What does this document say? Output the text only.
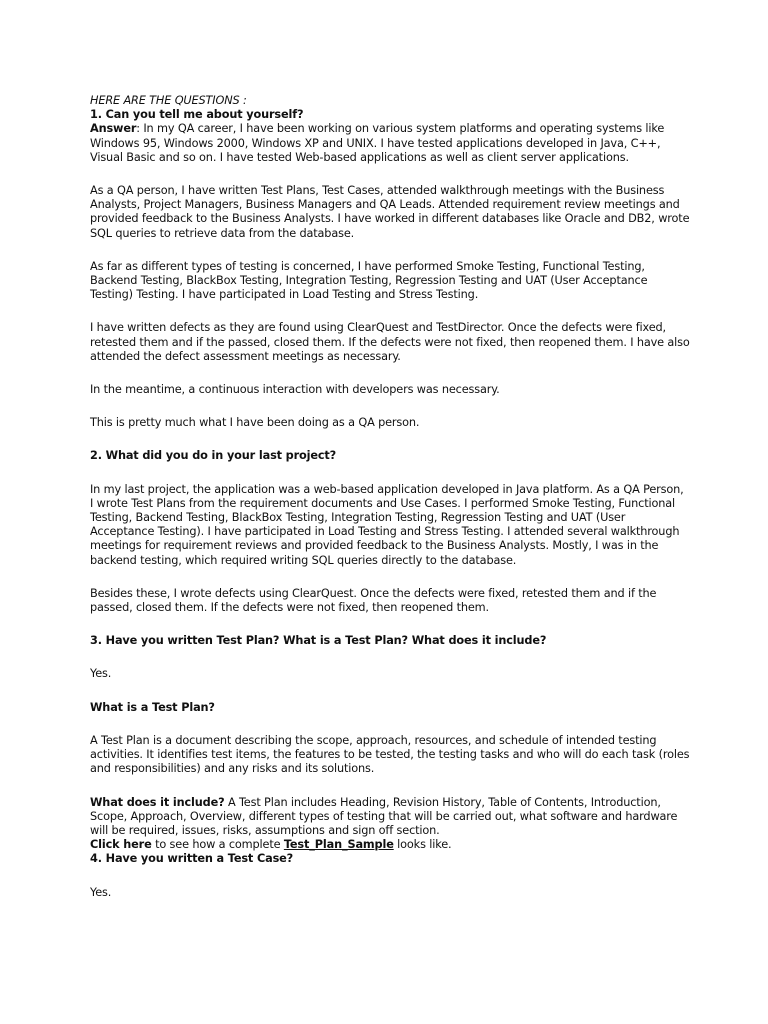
HERE ARE THE QUESTIONS :

1. Can you tell me about yourself?

Answer: In my QA career, I have been working on various system platforms and operating systems like Windows 95, Windows 2000, Windows XP and UNIX. I have tested applications developed in Java, C++, Visual Basic and so on. I have tested Web-based applications as well as client server applications.

As a QA person, I have written Test Plans, Test Cases, attended walkthrough meetings with the Business Analysts, Project Managers, Business Managers and QA Leads. Attended requirement review meetings and provided feedback to the Business Analysts. I have worked in different databases like Oracle and DB2, wrote SQL queries to retrieve data from the database.

As far as different types of testing is concerned, I have performed Smoke Testing, Functional Testing, Backend Testing, BlackBox Testing, Integration Testing, Regression Testing and UAT (User Acceptance Testing) Testing. I have participated in Load Testing and Stress Testing.

I have written defects as they are found using ClearQuest and TestDirector. Once the defects were fixed, retested them and if the passed, closed them. If the defects were not fixed, then reopened them. I have also attended the defect assessment meetings as necessary.

In the meantime, a continuous interaction with developers was necessary.

This is pretty much what I have been doing as a QA person.

2. What did you do in your last project?

In my last project, the application was a web-based application developed in Java platform. As a QA Person, I wrote Test Plans from the requirement documents and Use Cases. I performed Smoke Testing, Functional Testing, Backend Testing, BlackBox Testing, Integration Testing, Regression Testing and UAT (User Acceptance Testing). I have participated in Load Testing and Stress Testing. I attended several walkthrough meetings for requirement reviews and provided feedback to the Business Analysts. Mostly, I was in the backend testing, which required writing SQL queries directly to the database.

Besides these, I wrote defects using ClearQuest. Once the defects were fixed, retested them and if the passed, closed them. If the defects were not fixed, then reopened them.

3. Have you written Test Plan? What is a Test Plan? What does it include?

Yes.

What is a Test Plan?

A Test Plan is a document describing the scope, approach, resources, and schedule of intended testing activities. It identifies test items, the features to be tested, the testing tasks and who will do each task (roles and responsibilities) and any risks and its solutions.

What does it include? A Test Plan includes Heading, Revision History, Table of Contents, Introduction, Scope, Approach, Overview, different types of testing that will be carried out, what software and hardware will be required, issues, risks, assumptions and sign off section.

Click here to see how a complete Test_Plan_Sample looks like.

4. Have you written a Test Case?

Yes.
